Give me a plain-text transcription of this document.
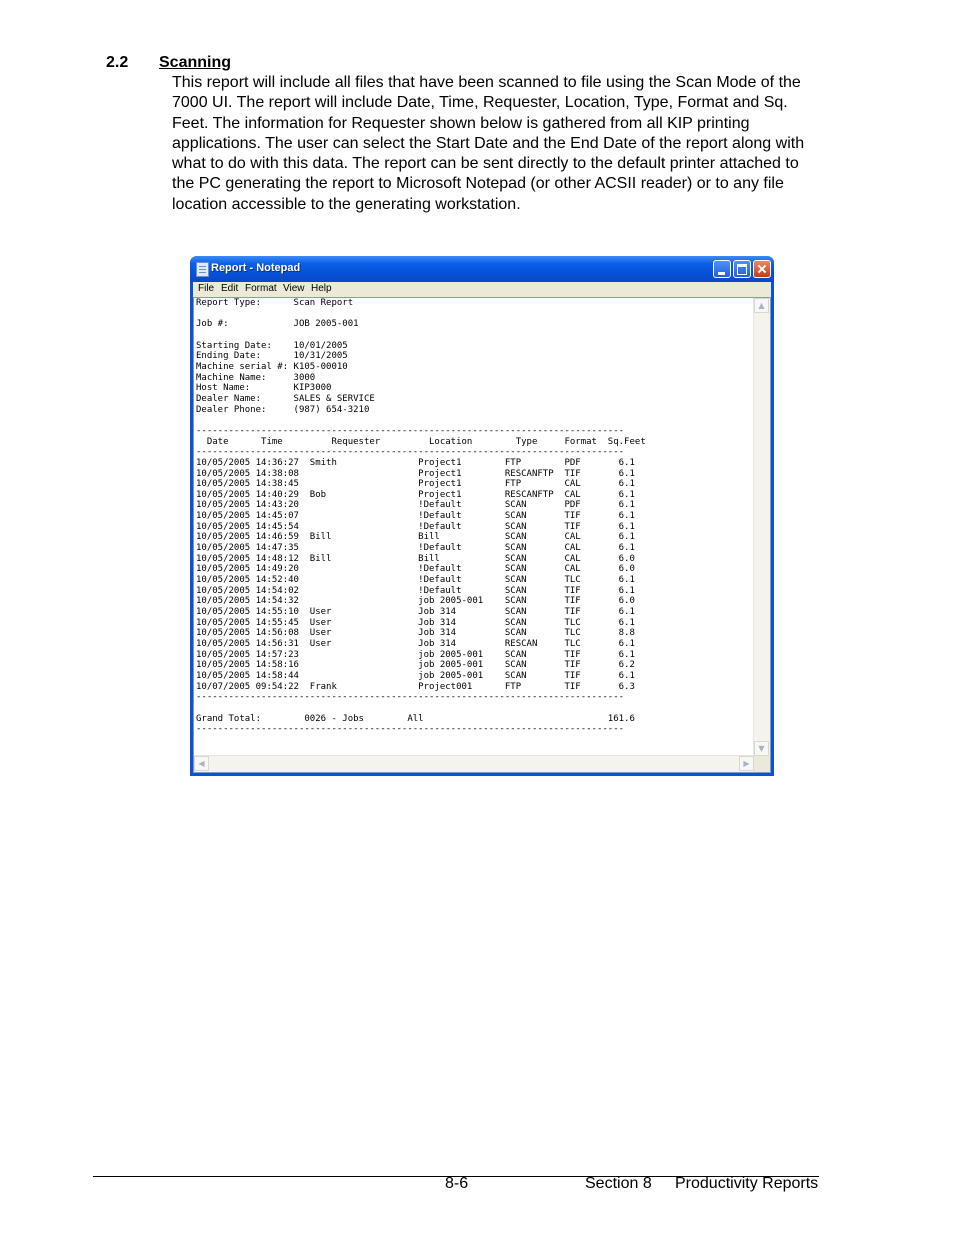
2.2 Scanning
This report will include all files that have been scanned to file using the Scan Mode of the 7000 UI. The report will include Date, Time, Requester, Location, Type, Format and Sq. Feet. The information for Requester shown below is gathered from all KIP printing applications. The user can select the Start Date and the End Date of the report along with what to do with this data. The report can be sent directly to the default printer attached to the PC generating the report to Microsoft Notepad (or other ACSII reader) or to any file location accessible to the generating workstation.
Report - Notepad
File Edit Format View Help
Report Type:      Scan Report

Job #:            JOB 2005-001

Starting Date:    10/01/2005
Ending Date:      10/31/2005
Machine serial #: K105-00010
Machine Name:     3000
Host Name:        KIP3000
Dealer Name:      SALES & SERVICE
Dealer Phone:     (987) 654-3210

-------------------------------------------------------------------------------
Date      Time         Requester         Location        Type     Format  Sq.Feet
-------------------------------------------------------------------------------
10/05/2005 14:36:27  Smith               Project1        FTP        PDF       6.1
10/05/2005 14:38:08                      Project1        RESCANFTP  TIF       6.1
10/05/2005 14:38:45                      Project1        FTP        CAL       6.1
10/05/2005 14:40:29  Bob                 Project1        RESCANFTP  CAL       6.1
10/05/2005 14:43:20                      !Default        SCAN       PDF       6.1
10/05/2005 14:45:07                      !Default        SCAN       TIF       6.1
10/05/2005 14:45:54                      !Default        SCAN       TIF       6.1
10/05/2005 14:46:59  Bill                Bill            SCAN       CAL       6.1
10/05/2005 14:47:35                      !Default        SCAN       CAL       6.1
10/05/2005 14:48:12  Bill                Bill            SCAN       CAL       6.0
10/05/2005 14:49:20                      !Default        SCAN       CAL       6.0
10/05/2005 14:52:40                      !Default        SCAN       TLC       6.1
10/05/2005 14:54:02                      !Default        SCAN       TIF       6.1
10/05/2005 14:54:32                      job 2005-001    SCAN       TIF       6.0
10/05/2005 14:55:10  User                Job 314         SCAN       TIF       6.1
10/05/2005 14:55:45  User                Job 314         SCAN       TLC       6.1
10/05/2005 14:56:08  User                Job 314         SCAN       TLC       8.8
10/05/2005 14:56:31  User                Job 314         RESCAN     TLC       6.1
10/05/2005 14:57:23                      job 2005-001    SCAN       TIF       6.1
10/05/2005 14:58:16                      job 2005-001    SCAN       TIF       6.2
10/05/2005 14:58:44                      job 2005-001    SCAN       TIF       6.1
10/07/2005 09:54:22  Frank               Project001      FTP        TIF       6.3
-------------------------------------------------------------------------------

Grand Total:        0026 - Jobs        All                                  161.6
-------------------------------------------------------------------------------
▲
▼
◀	▶
8-6	Section 8 Productivity Reports
